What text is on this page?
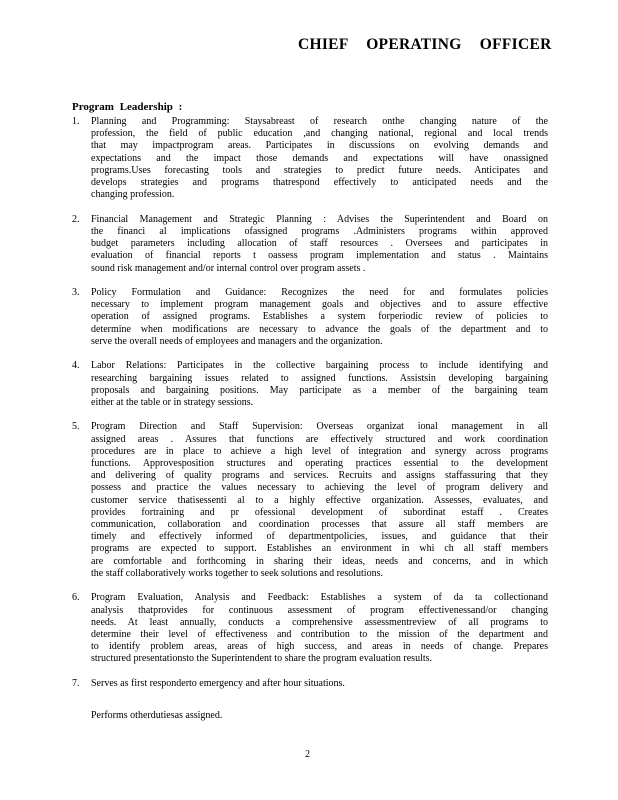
CHIEF OPERATING OFFICER
Program Leadership :
1.	Planning and Programming: Staysabreast of research onthe changing nature of the
profession, the field of public education ,and changing national, regional and local trends
that may impactprogram areas. Participates in discussions on evolving demands and
expectations and the impact those demands and expectations will have onassigned
programs.Uses forecasting tools and strategies to predict future needs. Anticipates and
develops strategies and programs thatrespond effectively to anticipated needs and the
changing profession.
2.	Financial Management and Strategic Planning : Advises the Superintendent and Board on
the financi al implications ofassigned programs .Administers programs within approved
budget parameters including allocation of staff resources . Oversees and participates in
evaluation of financial reports t oassess program implementation and status . Maintains
sound risk management and/or internal control over program assets .
3.	Policy Formulation and Guidance: Recognizes the need for and formulates policies
necessary to implement program management goals and objectives and to assure effective
operation of assigned programs. Establishes a system forperiodic review of policies to
determine when modifications are necessary to advance the goals of the department and to
serve the overall needs of employees and managers and the organization.
4.	Labor Relations: Participates in the collective bargaining process to include identifying and
researching bargaining issues related to assigned functions. Assistsin developing bargaining
proposals and bargaining positions. May participate as a member of the bargaining team
either at the table or in strategy sessions.
5.	Program Direction and Staff Supervision: Overseas organizat ional management in all
assigned areas . Assures that functions are effectively structured and work coordination
procedures are in place to achieve a high level of integration and synergy across programs
functions. Approvesposition structures and operating practices essential to the development
and delivering of quality programs and services. Recruits and assigns staffassuring that they
possess and practice the values necessary to achieving the level of program delivery and
customer service thatisessenti al to a highly effective organization. Assesses, evaluates, and
provides fortraining and pr ofessional development of subordinat estaff . Creates
communication, collaboration and coordination processes that assure all staff members are
timely and effectively informed of departmentpolicies, issues, and guidance that their
programs are expected to support. Establishes an environment in whi ch all staff members
are comfortable and forthcoming in sharing their ideas, needs and concerns, and in which
the staff collaboratively works together to seek solutions and resolutions.
6.	Program Evaluation, Analysis and Feedback: Establishes a system of da ta collectionand
analysis thatprovides for continuous assessment of program effectivenessand/or changing
needs. At least annually, conducts a comprehensive assessmentreview of all programs to
determine their level of effectiveness and contribution to the mission of the department and
to identify problem areas, areas of high success, and areas in needs of change. Prepares
structured presentationsto the Superintendent to share the program evaluation results.
7.	Serves as first responderto emergency and after hour situations.
Performs otherdutiesas assigned.
2
